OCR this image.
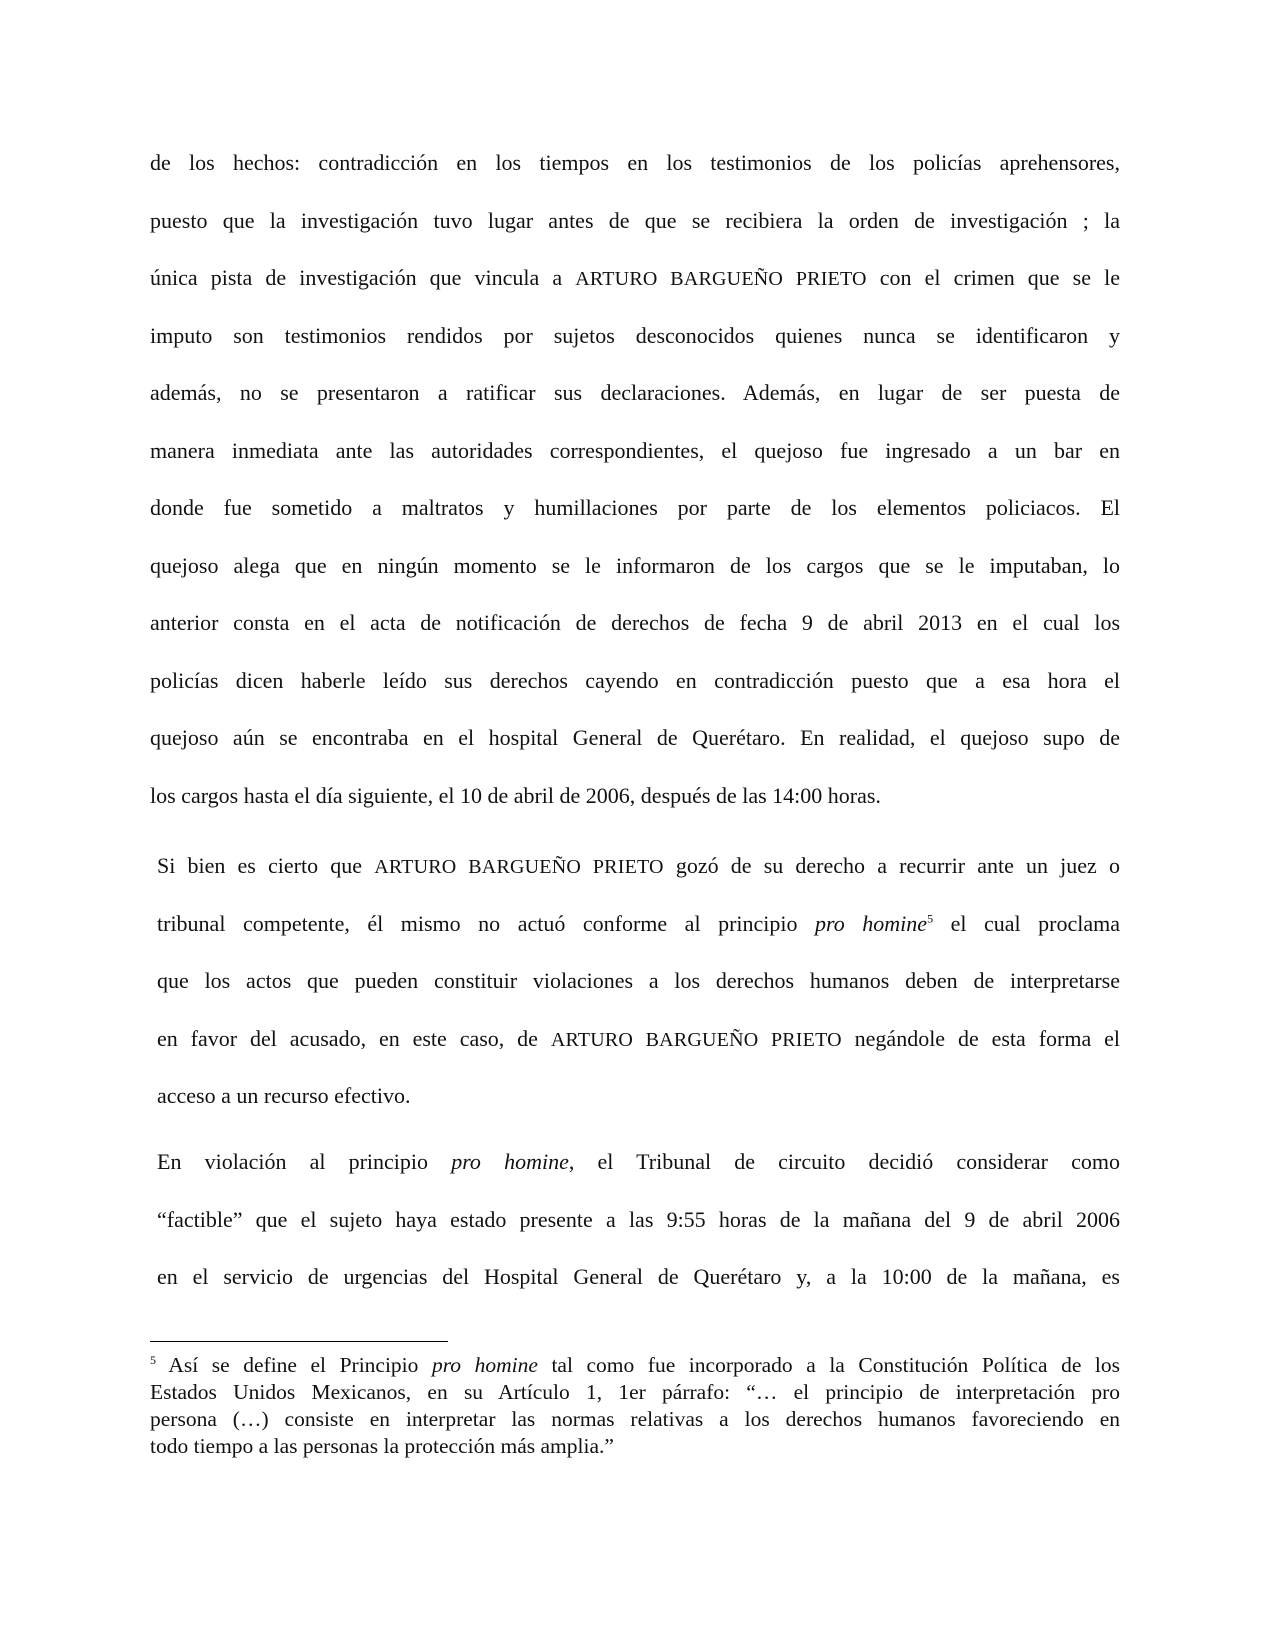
de los hechos: contradicción en los tiempos en los testimonios de los policías aprehensores,
puesto que la investigación tuvo lugar antes de que se recibiera la orden de investigación ; la
única pista de investigación que vincula a ARTURO BARGUEÑO PRIETO con el crimen que se le
imputo son testimonios rendidos por sujetos desconocidos quienes nunca se identificaron y
además, no se presentaron a ratificar sus declaraciones. Además, en lugar de ser puesta de
manera inmediata ante las autoridades correspondientes, el quejoso fue ingresado a un bar en
donde fue sometido a maltratos y humillaciones por parte de los elementos policiacos. El
quejoso alega que en ningún momento se le informaron de los cargos que se le imputaban, lo
anterior consta en el acta de notificación de derechos de fecha 9 de abril 2013 en el cual los
policías dicen haberle leído sus derechos cayendo en contradicción puesto que a esa hora el
quejoso aún se encontraba en el hospital General de Querétaro. En realidad, el quejoso supo de
los cargos hasta el día siguiente, el 10 de abril de 2006, después de las 14:00 horas.
Si bien es cierto que ARTURO BARGUEÑO PRIETO gozó de su derecho a recurrir ante un juez o
tribunal competente, él mismo no actuó conforme al principio pro homine$^5$ el cual proclama
que los actos que pueden constituir violaciones a los derechos humanos deben de interpretarse
en favor del acusado, en este caso, de ARTURO BARGUEÑO PRIETO negándole de esta forma el
acceso a un recurso efectivo.
En violación al principio pro homine, el Tribunal de circuito decidió considerar como
“factible” que el sujeto haya estado presente a las 9:55 horas de la mañana del 9 de abril 2006
en el servicio de urgencias del Hospital General de Querétaro y, a la 10:00 de la mañana, es
$^5$ Así se define el Principio pro homine tal como fue incorporado a la Constitución Política de los
Estados Unidos Mexicanos, en su Artículo 1, 1er párrafo: “… el principio de interpretación pro
persona (…) consiste en interpretar las normas relativas a los derechos humanos favoreciendo en
todo tiempo a las personas la protección más amplia.”
